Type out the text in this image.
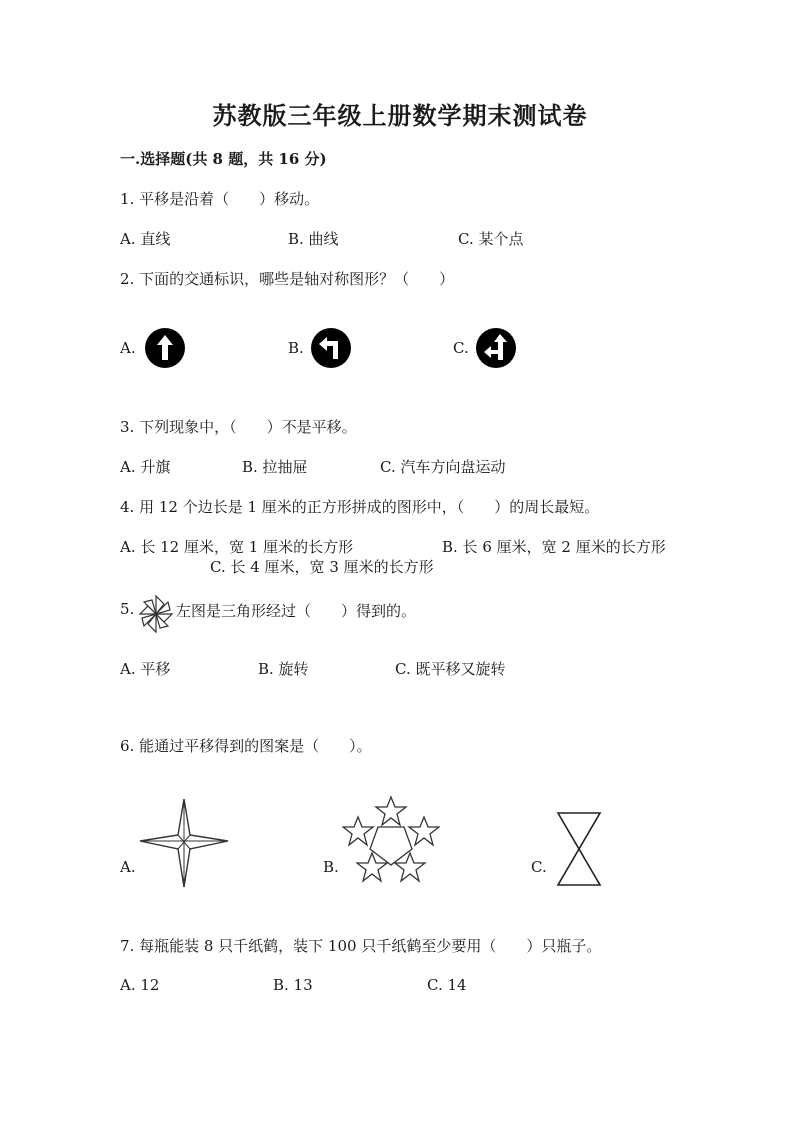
苏教版三年级上册数学期末测试卷
一.选择题(共 8 题，共 16 分)
1. 平移是沿着（　　）移动。
A. 直线	B. 曲线	C. 某个点
2. 下面的交通标识，哪些是轴对称图形？（　　）
A.	B.	C.
3. 下列现象中，（　　）不是平移。
A. 升旗	B. 拉抽屉	C. 汽车方向盘运动
4. 用 12 个边长是 1 厘米的正方形拼成的图形中，（　　）的周长最短。
A. 长 12 厘米，宽 1 厘米的长方形	B. 长 6 厘米，宽 2 厘米的长方形
C. 长 4 厘米，宽 3 厘米的长方形
5.	左图是三角形经过（　　）得到的。
A. 平移	B. 旋转	C. 既平移又旋转
6. 能通过平移得到的图案是（　　）。
A.	B.	C.
7. 每瓶能装 8 只千纸鹤，装下 100 只千纸鹤至少要用（　　）只瓶子。
A. 12	B. 13	C. 14
